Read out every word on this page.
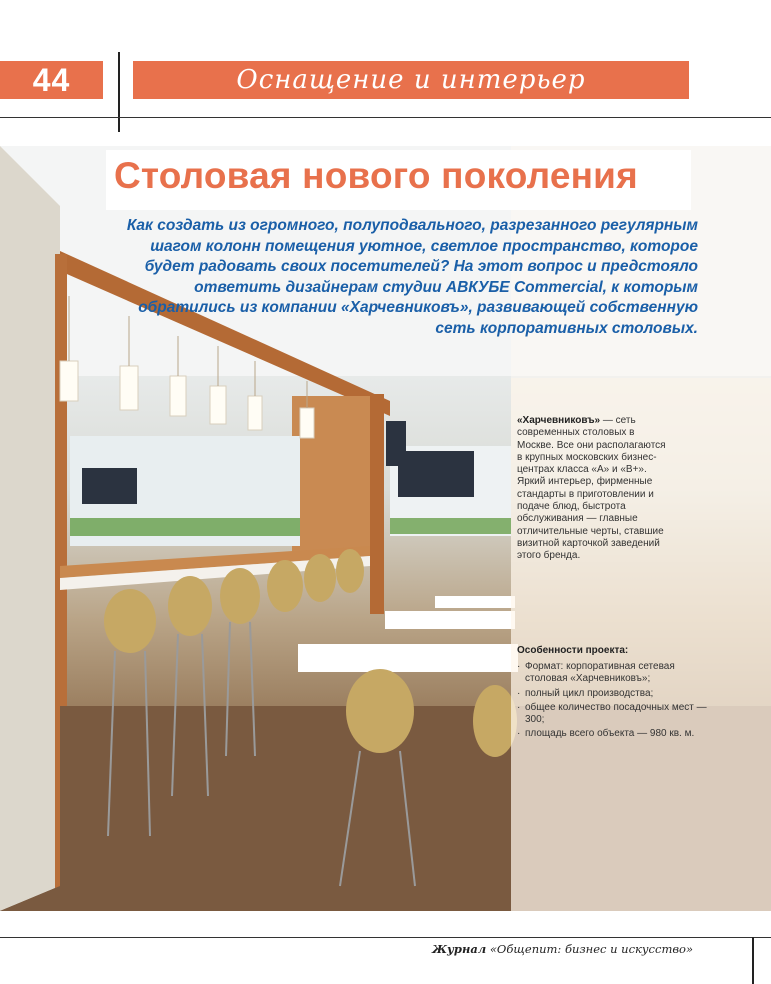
44	Оснащение и интерьер
Столовая нового поколения
Как создать из огромного, полуподвального, разрезанного регулярным шагом колонн помещения уютное, светлое пространство, которое будет радовать своих посетителей? На этот вопрос и предстояло ответить дизайнерам студии АВКУБЕ Commercial, к которым обратились из компании «Харчевниковъ», развивающей собственную сеть корпоративных столовых.
«Харчевниковъ» — сеть современных столовых в Москве. Все они располагаются в крупных московских бизнес-центрах класса «А» и «В+». Яркий интерьер, фирменные стандарты в приготовлении и подаче блюд, быстрота обслуживания — главные отличительные черты, ставшие визитной карточкой заведений этого бренда.
Особенности проекта:
· Формат: корпоративная сетевая столовая «Харчевниковъ»;
· полный цикл производства;
· общее количество посадочных мест — 300;
· площадь всего объекта — 980 кв. м.
Журнал «Общепит: бизнес и искусство»
